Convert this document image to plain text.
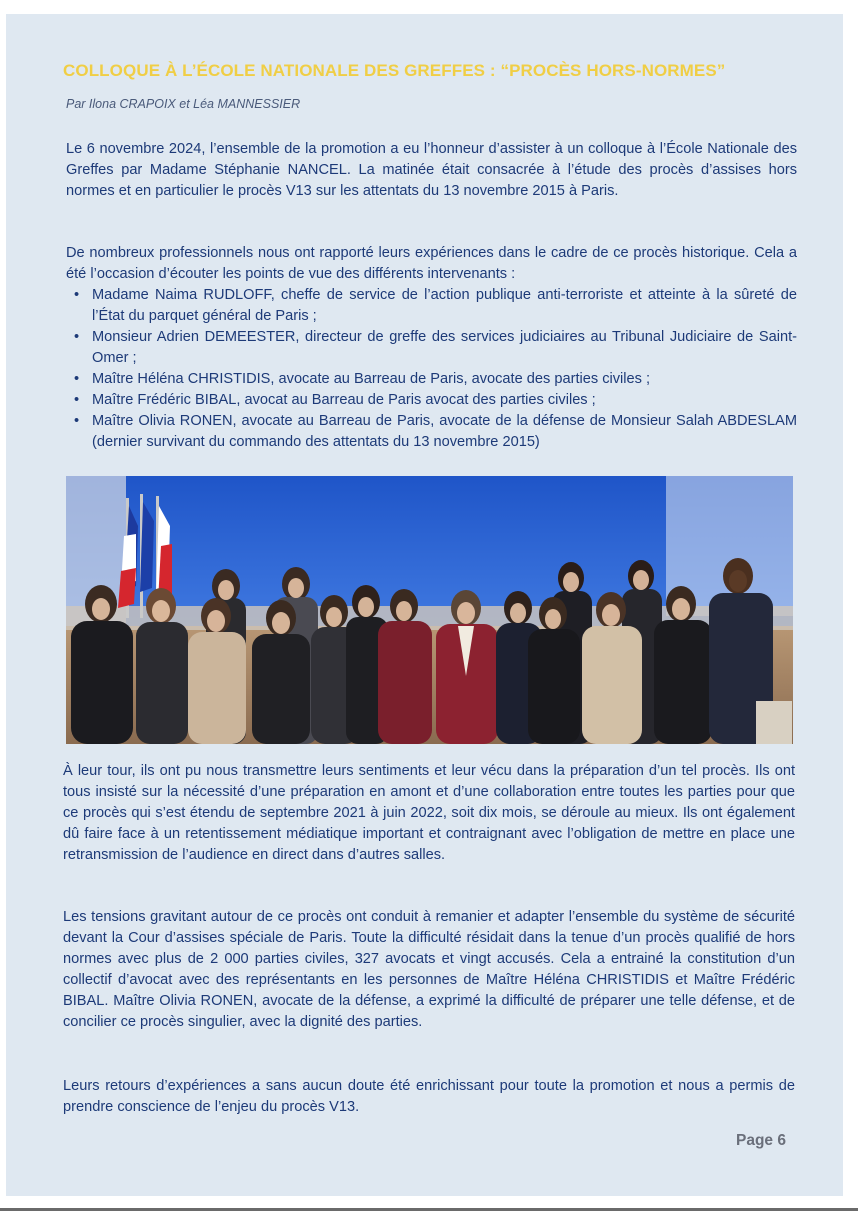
COLLOQUE À L’ÉCOLE NATIONALE DES GREFFES : “PROCÈS HORS-NORMES”
Par Ilona CRAPOIX et Léa MANNESSIER
Le 6 novembre 2024, l’ensemble de la promotion a eu l’honneur d’assister à un colloque à l’École Nationale des Greffes par Madame Stéphanie NANCEL. La matinée était consacrée à l’étude des procès d’assises hors normes et en particulier le procès V13 sur les attentats du 13 novembre 2015 à Paris.
De nombreux professionnels nous ont rapporté leurs expériences dans le cadre de ce procès historique. Cela a été l’occasion d’écouter les points de vue des différents intervenants :
• Madame Naima RUDLOFF, cheffe de service de l’action publique anti-terroriste et atteinte à la sûreté de l’État du parquet général de Paris ;
• Monsieur Adrien DEMEESTER, directeur de greffe des services judiciaires au Tribunal Judiciaire de Saint-Omer ;
• Maître Héléna CHRISTIDIS, avocate au Barreau de Paris, avocate des parties civiles ;
• Maître Frédéric BIBAL, avocat au Barreau de Paris avocat des parties civiles ;
• Maître Olivia RONEN, avocate au Barreau de Paris, avocate de la défense de Monsieur Salah ABDESLAM (dernier survivant du commando des attentats du 13 novembre 2015)
À leur tour, ils ont pu nous transmettre leurs sentiments et leur vécu dans la préparation d’un tel procès. Ils ont tous insisté sur la nécessité d’une préparation en amont et d’une collaboration entre toutes les parties pour que ce procès qui s’est étendu de septembre 2021 à juin 2022, soit dix mois, se déroule au mieux. Ils ont également dû faire face à un retentissement médiatique important et contraignant avec l’obligation de mettre en place une retransmission de l’audience en direct dans d’autres salles.
Les tensions gravitant autour de ce procès ont conduit à remanier et adapter l’ensemble du système de sécurité devant la Cour d’assises spéciale de Paris. Toute la difficulté résidait dans la tenue d’un procès qualifié de hors normes avec plus de 2 000 parties civiles, 327 avocats et vingt accusés. Cela a entrainé la constitution d’un collectif d’avocat avec des représentants en les personnes de Maître Héléna CHRISTIDIS et Maître Frédéric BIBAL. Maître Olivia RONEN, avocate de la défense, a exprimé la difficulté de préparer une telle défense, et de concilier ce procès singulier, avec la dignité des parties.
Leurs retours d’expériences a sans aucun doute été enrichissant pour toute la promotion et nous a permis de prendre conscience de l’enjeu du procès V13.
Page 6
